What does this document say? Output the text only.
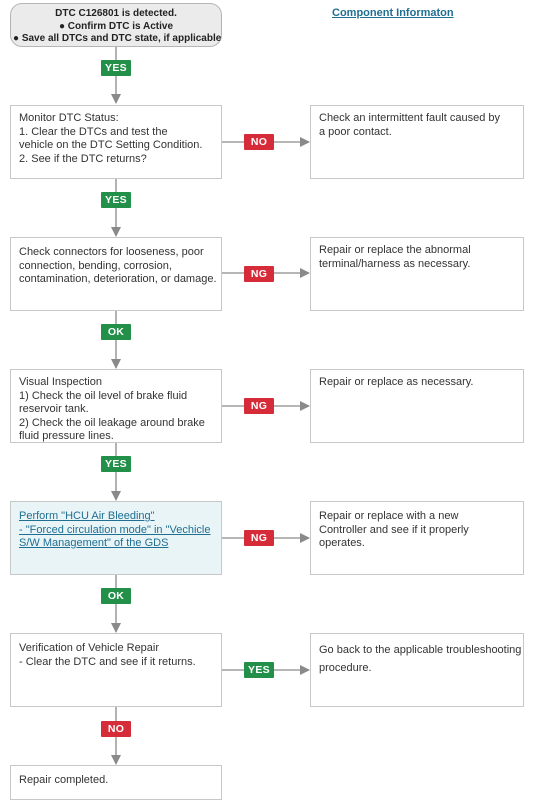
Component Informaton
DTC C126801 is detected.
● Confirm DTC is Active
● Save all DTCs and DTC state, if applicable
Monitor DTC Status:
1. Clear the DTCs and test the
vehicle on the DTC Setting Condition.
2. See if the DTC returns?
Check connectors for looseness, poor
connection, bending, corrosion,
contamination, deterioration, or damage.
Visual Inspection
1) Check the oil level of brake fluid
reservoir tank.
2) Check the oil leakage around brake
fluid pressure lines.
Perform "HCU Air Bleeding"
- "Forced circulation mode" in "Vechicle
S/W Management" of the GDS
Verification of Vehicle Repair
- Clear the DTC and see if it returns.
Repair completed.
Check an intermittent fault caused by
a poor contact.
Repair or replace the abnormal
terminal/harness as necessary.
Repair or replace as necessary.
Repair or replace with a new
Controller and see if it properly
operates.
Go back to the applicable troubleshooting
procedure.
YES
YES
OK
YES
OK
NO
NO
NG
NG
NG
YES
